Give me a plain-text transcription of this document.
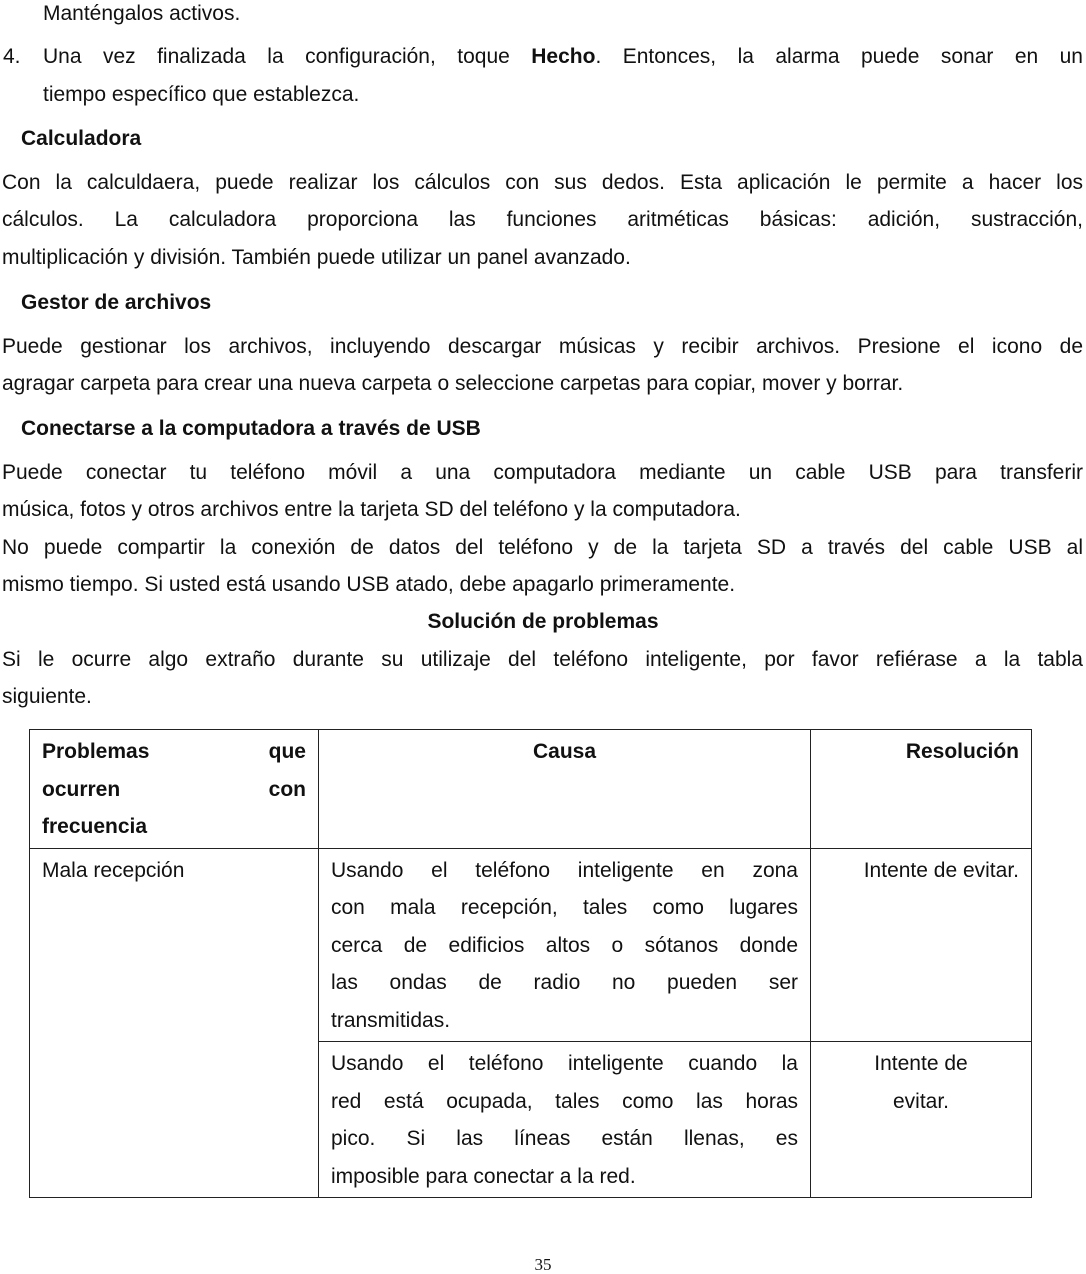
Manténgalos activos.
4. Una vez finalizada la configuración, toque Hecho. Entonces, la alarma puede sonar en un
tiempo específico que establezca.
Calculadora
Con la calculdaera, puede realizar los cálculos con sus dedos. Esta aplicación le permite a hacer los
cálculos. La calculadora proporciona las funciones aritméticas básicas: adición, sustracción,
multiplicación y división. También puede utilizar un panel avanzado.
Gestor de archivos
Puede gestionar los archivos, incluyendo descargar músicas y recibir archivos. Presione el icono de
agragar carpeta para crear una nueva carpeta o seleccione carpetas para copiar, mover y borrar.
Conectarse a la computadora a través de USB
Puede conectar tu teléfono móvil a una computadora mediante un cable USB para transferir
música, fotos y otros archivos entre la tarjeta SD del teléfono y la computadora.
No puede compartir la conexión de datos del teléfono y de la tarjeta SD a través del cable USB al
mismo tiempo. Si usted está usando USB atado, debe apagarlo primeramente.
Solución de problemas
Si le ocurre algo extraño durante su utilizaje del teléfono inteligente, por favor refiérase a la tabla
siguiente.
Problemas que
ocurren con
frecuencia	Causa	Resolución

Mala recepción	Usando el teléfono inteligente en zona
con mala recepción, tales como lugares
cerca de edificios altos o sótanos donde
las ondas de radio no pueden ser
transmitidas.	Intente de evitar.

	Usando el teléfono inteligente cuando la
red está ocupada, tales como las horas
pico. Si las líneas están llenas, es
imposible para conectar a la red.	Intente de
evitar.
35
